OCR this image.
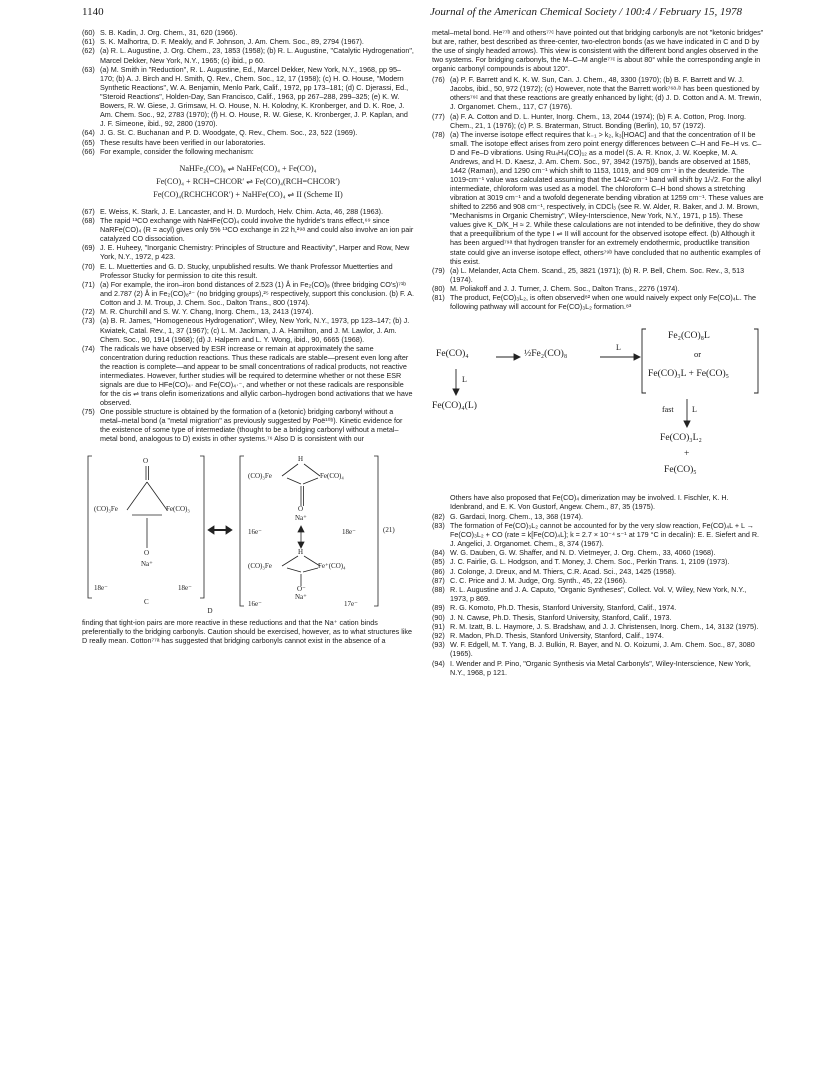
1140	Journal of the American Chemical Society / 100:4 / February 15, 1978
(60) S. B. Kadin, J. Org. Chem., 31, 620 (1966).
(61) S. K. Malhortra, D. F. Meakly, and F. Johnson, J. Am. Chem. Soc., 89, 2794 (1967).
(62) (a) R. L. Augustine, J. Org. Chem., 23, 1853 (1958); (b) R. L. Augustine, "Catalytic Hydrogenation", Marcel Dekker, New York, N.Y., 1965; (c) ibid., p 60.
(63) (a) M. Smith in "Reduction", R. L. Augustine, Ed., Marcel Dekker, New York, N.Y., 1968, pp 95–170; (b) A. J. Birch and H. Smith, Q. Rev., Chem. Soc., 12, 17 (1958); (c) H. O. House, "Modern Synthetic Reactions", W. A. Benjamin, Menlo Park, Calif., 1972, pp 173–181; (d) C. Djerassi, Ed., "Steroid Reactions", Holden-Day, San Francisco, Calif., 1963, pp 267–288, 299–325; (e) K. W. Bowers, R. W. Giese, J. Grimsaw, H. O. House, N. H. Kolodny, K. Kronberger, and D. K. Roe, J. Am. Chem. Soc., 92, 2783 (1970); (f) H. O. House, R. W. Giese, K. Kronberger, J. P. Kaplan, and J. F. Simeone, ibid., 92, 2800 (1970).
(64) J. G. St. C. Buchanan and P. D. Woodgate, Q. Rev., Chem. Soc., 23, 522 (1969).
(65) These results have been verified in our laboratories.
(66) For example, consider the following mechanism:
NaHFe₂(CO)₈ ⇌ NaHFe(CO)₄ + Fe(CO)₄
Fe(CO)₄ + RCH=CHCOR′ ⇌ Fe(CO)₄(RCH=CHCOR′)
Fe(CO)₄(RCHCHCOR′) + NaHFe(CO)₄ ⇌ II (Scheme II)
(67) E. Weiss, K. Stark, J. E. Lancaster, and H. D. Murdoch, Helv. Chim. Acta, 46, 288 (1963).
(68) The rapid ¹³CO exchange with NaHFe(CO)₄ could involve the hydride's trans effect,⁶⁹ since NaRFe(CO)₄ (R = acyl) gives only 5% ¹³CO exchange in 22 h,²⁹ᵃ and could also involve an ion pair catalyzed CO dissociation.
(69) J. E. Huheey, "Inorganic Chemistry: Principles of Structure and Reactivity", Harper and Row, New York, N.Y., 1972, p 423.
(70) E. L. Muetterties and G. D. Stucky, unpublished results. We thank Professor Muetterties and Professor Stucky for permission to cite this result.
(71) (a) For example, the iron–iron bond distances of 2.523 (1) Å in Fe₂(CO)₉ (three bridging CO's)⁷¹ᵇ and 2.787 (2) Å in Fe₂(CO)₈²⁻ (no bridging groups),²⁵ respectively, support this conclusion. (b) F. A. Cotton and J. M. Troup, J. Chem. Soc., Dalton Trans., 800 (1974).
(72) M. R. Churchill and S. W. Y. Chang, Inorg. Chem., 13, 2413 (1974).
(73) (a) B. R. James, "Homogeneous Hydrogenation", Wiley, New York, N.Y., 1973, pp 123–147; (b) J. Kwiatek, Catal. Rev., 1, 37 (1967); (c) L. M. Jackman, J. A. Hamilton, and J. M. Lawlor, J. Am. Chem. Soc., 90, 1914 (1968); (d) J. Halpern and L. Y. Wong, ibid., 90, 6665 (1968).
(74) The radicals we have observed by ESR increase or remain at approximately the same concentration during reduction reactions. Thus these radicals are stable—present even long after the reaction is complete—and appear to be small concentrations of radical products, not reactive intermediates. However, further studies will be required to determine whether or not these ESR signals are due to HFe(CO)₄· and Fe(CO)₄·⁻, and whether or not these radicals are responsible for the cis ⇌ trans olefin isomerizations and allylic carbon–hydrogen bond activations that we have observed.
(75) One possible structure is obtained by the formation of a (ketonic) bridging carbonyl without a metal–metal bond (a "metal migration" as previously suggested by Poë¹⁰ᵇ). Kinetic evidence for the existence of some type of intermediate (thought to be a bridging carbonyl without a metal–metal bond, analogous to D) exists in other systems.⁷⁶ Also D is consistent with our
O
(CO)₃Fe	Fe(CO)₃
O
Na⁺
18e⁻	18e⁻
C
H
(CO)₃Fe	Fe(CO)₄
O
Na⁺
16e⁻	18e⁻
H
(CO)₃Fe	Fe⁺(CO)₄
O⁻
Na⁺
16e⁻	17e⁻
(21)
D

finding that tight-ion pairs are more reactive in these reductions and that the Na⁺ cation binds preferentially to the bridging carbonyls. Caution should be exercised, however, as to what structures like D really mean. Cotton⁷⁷ᵃ has suggested that bridging carbonyls cannot exist in the absence of a

metal–metal bond. He⁷⁷ᵇ and others⁷⁷ᶜ have pointed out that bridging carbonyls are not "ketonic bridges" but are, rather, best described as three-center, two-electron bonds (as we have indicated in C and D by the use of singly headed arrows). This view is consistent with the different bond angles observed in the two systems. For bridging carbonyls, the M–C–M angle⁷⁷ᶜ is about 80° while the corresponding angle in organic carbonyl compounds is about 120°.

(76) (a) P. F. Barrett and K. K. W. Sun, Can. J. Chem., 48, 3300 (1970); (b) B. F. Barrett and W. J. Jacobs, ibid., 50, 972 (1972); (c) However, note that the Barrett work⁷⁶ᵃ·ᵇ has been questioned by others⁷⁶ᶜ and that these reactions are greatly enhanced by light; (d) J. D. Cotton and A. M. Trewin, J. Organomet. Chem., 117, C7 (1976).
(77) (a) F. A. Cotton and D. L. Hunter, Inorg. Chem., 13, 2044 (1974); (b) F. A. Cotton, Prog. Inorg. Chem., 21, 1 (1976); (c) P. S. Braterman, Struct. Bonding (Berlin), 10, 57 (1972).
(78) (a) The inverse isotope effect requires that k₋₁ > k₂, k₃[HOAC] and that the concentration of II be small. The isotope effect arises from zero point energy differences between C–H and Fe–H vs. C–D and Fe–D vibrations. Using Ru₄H₄(CO)₁₂ as a model (S. A. R. Knox, J. W. Koepke, M. A. Andrews, and H. D. Kaesz, J. Am. Chem. Soc., 97, 3942 (1975)), bands are observed at 1585, 1442 (Raman), and 1290 cm⁻¹ which shift to 1153, 1019, and 909 cm⁻¹ in the deuteride. The 1019-cm⁻¹ value was calculated assuming that the 1442-cm⁻¹ band will shift by 1/√2. For the alkyl intermediate, chloroform was used as a model. The chloroform C–H bond shows a stretching vibration at 3019 cm⁻¹ and a twofold degenerate bending vibration at 1259 cm⁻¹. These values are shifted to 2256 and 908 cm⁻¹, respectively, in CDCl₃ (see R. W. Alder, R. Baker, and J. M. Brown, "Mechanisms in Organic Chemistry", Wiley-Interscience, New York, N.Y., 1971, p 15). These values give K_D/K_H ≈ 2. While these calculations are not intended to be definitive, they do show that a preequilibrium of the type I ⇌ II will account for the observed isotope effect. (b) Although it has been argued⁷⁹ᵃ that hydrogen transfer for an extremely endothermic, productlike transition state could give an inverse isotope effect, others⁷⁹ᵇ have concluded that no authentic examples of this exist.
(79) (a) L. Melander, Acta Chem. Scand., 25, 3821 (1971); (b) R. P. Bell, Chem. Soc. Rev., 3, 513 (1974).
(80) M. Poliakoff and J. J. Turner, J. Chem. Soc., Dalton Trans., 2276 (1974).
(81) The product, Fe(CO)₃L₂, is often observed⁸² when one would naively expect only Fe(CO)₄L. The following pathway will account for Fe(CO)₃L₂ formation.⁸³
Fe(CO)₄	½Fe₂(CO)₈
L
Fe₂(CO)₈L
or
Fe(CO)₃L + Fe(CO)₅
L
Fe(CO)₄(L)	fast L
Fe(CO)₃L₂
+
Fe(CO)₅

Others have also proposed that Fe(CO)₄ dimerization may be involved. I. Fischler, K. H. Idenbrand, and E. K. Von Gustorf, Angew. Chem., 87, 35 (1975).

(82) G. Gardaci, Inorg. Chem., 13, 368 (1974).
(83) The formation of Fe(CO)₃L₂ cannot be accounted for by the very slow reaction, Fe(CO)₄L + L → Fe(CO)₃L₂ + CO (rate = k[Fe(CO)₄L]; k = 2.7 × 10⁻⁴ s⁻¹ at 179 °C in decalin): E. E. Siefert and R. J. Angelici, J. Organomet. Chem., 8, 374 (1967).
(84) W. G. Dauben, G. W. Shaffer, and N. D. Vietmeyer, J. Org. Chem., 33, 4060 (1968).
(85) J. C. Fairlie, G. L. Hodgson, and T. Money, J. Chem. Soc., Perkin Trans. 1, 2109 (1973).
(86) J. Colonge, J. Dreux, and M. Thiers, C.R. Acad. Sci., 243, 1425 (1958).
(87) C. C. Price and J. M. Judge, Org. Synth., 45, 22 (1966).
(88) R. L. Augustine and J. A. Caputo, "Organic Syntheses", Collect. Vol. V, Wiley, New York, N.Y., 1973, p 869.
(89) R. G. Komoto, Ph.D. Thesis, Stanford University, Stanford, Calif., 1974.
(90) J. N. Cawse, Ph.D. Thesis, Stanford University, Stanford, Calif., 1973.
(91) R. M. Izatt, B. L. Haymore, J. S. Bradshaw, and J. J. Christensen, Inorg. Chem., 14, 3132 (1975).
(92) R. Madon, Ph.D. Thesis, Stanford University, Stanford, Calif., 1974.
(93) W. F. Edgell, M. T. Yang, B. J. Bulkin, R. Bayer, and N. O. Koizumi, J. Am. Chem. Soc., 87, 3080 (1965).
(94) I. Wender and P. Pino, "Organic Synthesis via Metal Carbonyls", Wiley-Interscience, New York, N.Y., 1968, p 121.
